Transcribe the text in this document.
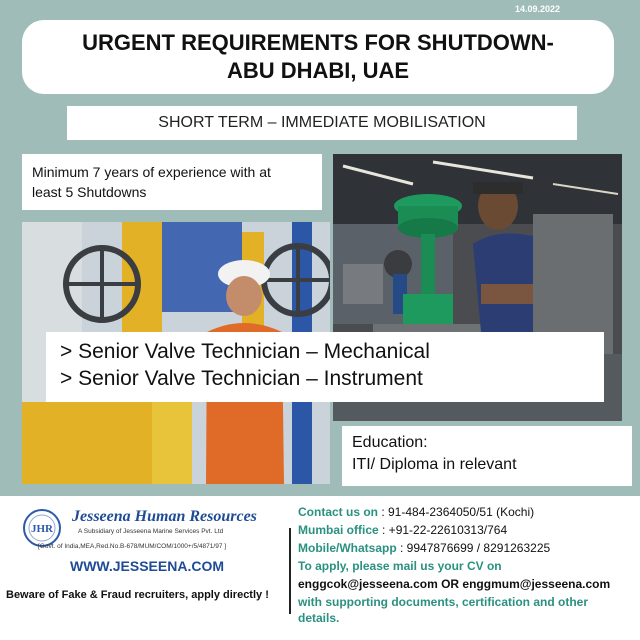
14.09.2022
URGENT REQUIREMENTS FOR SHUTDOWN-
ABU DHABI, UAE
SHORT TERM – IMMEDIATE MOBILISATION
Minimum 7 years of experience with at
least 5 Shutdowns
> Senior Valve Technician – Mechanical
> Senior Valve Technician – Instrument
Education:
ITI/ Diploma in relevant
JHR
Jesseena Human Resources
A Subsidiary of Jesseena Marine Services Pvt. Ltd
[Govt. of India,MEA,Red.No.B-678/MUM/COM/1000+/5/4871/97 ]
WWW.JESSEENA.COM
Beware of Fake & Fraud recruiters, apply directly !
Contact us on : 91-484-2364050/51 (Kochi)
Mumbai office : +91-22-22610313/764
Mobile/Whatsapp : 9947876699 / 8291263225
To apply, please mail us your CV on
enggcok@jesseena.com OR enggmum@jesseena.com
with supporting documents, certification and other details.
